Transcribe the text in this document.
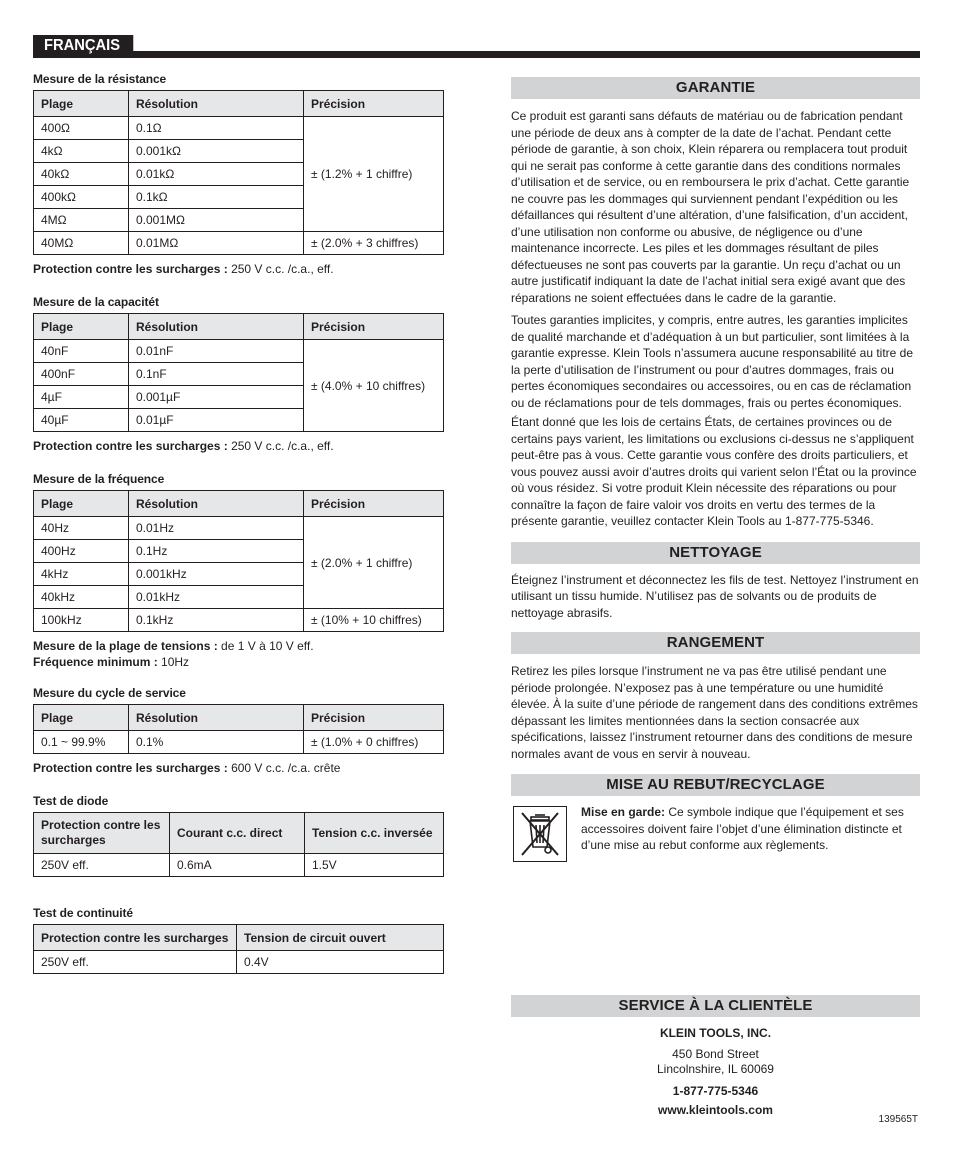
FRANÇAIS
Mesure de la résistance
Plage	Résolution	Précision
400Ω	0.1Ω	± (1.2% + 1 chiffre)
4kΩ	0.001kΩ	
40kΩ	0.01kΩ	
400kΩ	0.1kΩ	
4MΩ	0.001MΩ	
40MΩ	0.01MΩ	± (2.0% + 3 chiffres)
Protection contre les surcharges : 250 V c.c. /c.a., eff.
Mesure de la capacitét
Plage	Résolution	Précision
40nF	0.01nF	± (4.0% + 10 chiffres)
400nF	0.1nF	
4µF	0.001µF	
40µF	0.01µF	
Protection contre les surcharges : 250 V c.c. /c.a., eff.
Mesure de la fréquence
Plage	Résolution	Précision
40Hz	0.01Hz	± (2.0% + 1 chiffre)
400Hz	0.1Hz	
4kHz	0.001kHz	
40kHz	0.01kHz	
100kHz	0.1kHz	± (10% + 10 chiffres)
Mesure de la plage de tensions : de 1 V à 10 V eff.
Fréquence minimum : 10Hz
Mesure du cycle de service
Plage	Résolution	Précision
0.1 ~ 99.9%	0.1%	± (1.0% + 0 chiffres)
Protection contre les surcharges : 600 V c.c. /c.a. crête
Test de diode
Protection contre les surcharges	Courant c.c. direct	Tension c.c. inversée
250V eff.	0.6mA	1.5V
Test de continuité
Protection contre les surcharges	Tension de circuit ouvert
250V eff.	0.4V
GARANTIE

Ce produit est garanti sans défauts de matériau ou de fabrication pendant une période de deux ans à compter de la date de l’achat. Pendant cette période de garantie, à son choix, Klein réparera ou remplacera tout produit qui ne serait pas conforme à cette garantie dans des conditions normales d’utilisation et de service, ou en remboursera le prix d’achat. Cette garantie ne couvre pas les dommages qui surviennent pendant l’expédition ou les défaillances qui résultent d’une altération, d’une falsification, d’un accident, d’une utilisation non conforme ou abusive, de négligence ou d’une maintenance incorrecte. Les piles et les dommages résultant de piles défectueuses ne sont pas couverts par la garantie. Un reçu d’achat ou un autre justificatif indiquant la date de l’achat initial sera exigé avant que des réparations ne soient effectuées dans le cadre de la garantie.

Toutes garanties implicites, y compris, entre autres, les garanties implicites de qualité marchande et d’adéquation à un but particulier, sont limitées à la garantie expresse. Klein Tools n’assumera aucune responsabilité au titre de la perte d’utilisation de l’instrument ou pour d’autres dommages, frais ou pertes économiques secondaires ou accessoires, ou en cas de réclamation ou de réclamations pour de tels dommages, frais ou pertes économiques.

Étant donné que les lois de certains États, de certaines provinces ou de certains pays varient, les limitations ou exclusions ci-dessus ne s’appliquent peut-être pas à vous. Cette garantie vous confère des droits particuliers, et vous pouvez aussi avoir d’autres droits qui varient selon l’État ou la province où vous résidez. Si votre produit Klein nécessite des réparations ou pour connaître la façon de faire valoir vos droits en vertu des termes de la présente garantie, veuillez contacter Klein Tools au 1-877-775-5346.

NETTOYAGE

Éteignez l’instrument et déconnectez les fils de test. Nettoyez l’instrument en utilisant un tissu humide. N’utilisez pas de solvants ou de produits de nettoyage abrasifs.

RANGEMENT

Retirez les piles lorsque l’instrument ne va pas être utilisé pendant une période prolongée. N’exposez pas à une température ou une humidité élevée. À la suite d’une période de rangement dans des conditions extrêmes dépassant les limites mentionnées dans la section consacrée aux spécifications, laissez l’instrument retourner dans des conditions de mesure normales avant de vous en servir à nouveau.

MISE AU REBUT/RECYCLAGE
Mise en garde: Ce symbole indique que l’équipement et ses accessoires doivent faire l’objet d’une élimination distincte et d’une mise au rebut conforme aux règlements.
SERVICE À LA CLIENTÈLE
KLEIN TOOLS, INC.
450 Bond Street
Lincolnshire, IL 60069
1-877-775-5346
www.kleintools.com
139565T
